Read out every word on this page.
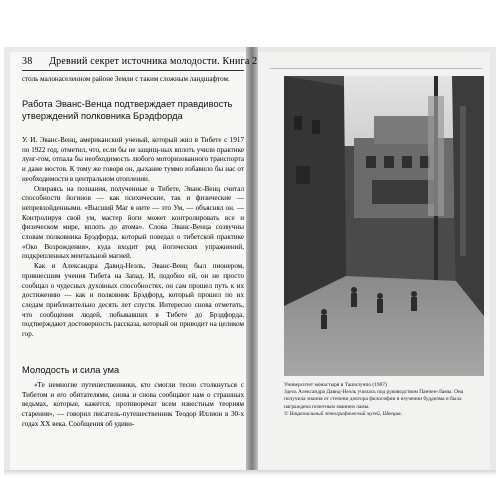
38 Древний секрет источника молодости. Книга 2

столь малонаселенном районе Земли с таким сложным ландшафтом.

Работа Эванс-Венца подтверждает правдивость утверждений полковника Брэдфорда

У. И. Эванс-Венц, американский ученый, который жил в Тибете с 1917 по 1922 год, отметил, что, если бы не защищ-ных вплоть учили практике лунг-гом, отпала бы необходимость любого моторизованного транспорта и даже мостов. К тому же говоря он, дыхание туммо избавило бы нас от необходимости в центральном отоплении.

Опираясь на познания, полученные в Тибете, Эванс-Венц считал способности йогинов — как психические, так и физические — непревзойденными. «Высший Маг в ните — это Ум, — объяснял он. — Контролируя свой ум, мастер йоги может контролировать все и физическом мире, вплоть до атома». Слова Эванс-Венца созвучны словам полковника Брэдфорда, который поведал о тибетской практике «Око Возрождения», куда входит ряд йогических упражнений, подкрепленных ментальной магией.

Как и Александра Давид-Неэль, Эванс-Венц был пионером, привнесшим учения Тибета на Запад. И, подобно ей, он не просто сообщал о чудесных духовных способностях, он сам прошел путь к их достижению — как и полковник Брэдфорд, который прошел по их следам приблизительно десять лет спустя. Интересно снова отметить, что сообщения людей, побывавших в Тибете до Брэдфорда, подтверждают достоверность рассказа, который он приводит на целиком гор.

Молодость и сила ума

«Те немногие путешественники, кто смогли тесно столкнуться с Тибетом и его обитателями, снова и снова сообщают нам о страшных ведьмах, которые, кажется, противоречат всем известным теориям старения», — говорил писатель-путешественник Теодор Иллион в 30-х годах XX века. Сообщения об удиви-

Университет монастыря в Ташилунпо (1907)

Здесь Александра Давид-Неэль училась под руководством Панчен-Ламы. Она получила знания от степени доктора философии в изучении буддизма и была награждена почетным званием ламы.

© Национальный этнографический музей, Швеция.
